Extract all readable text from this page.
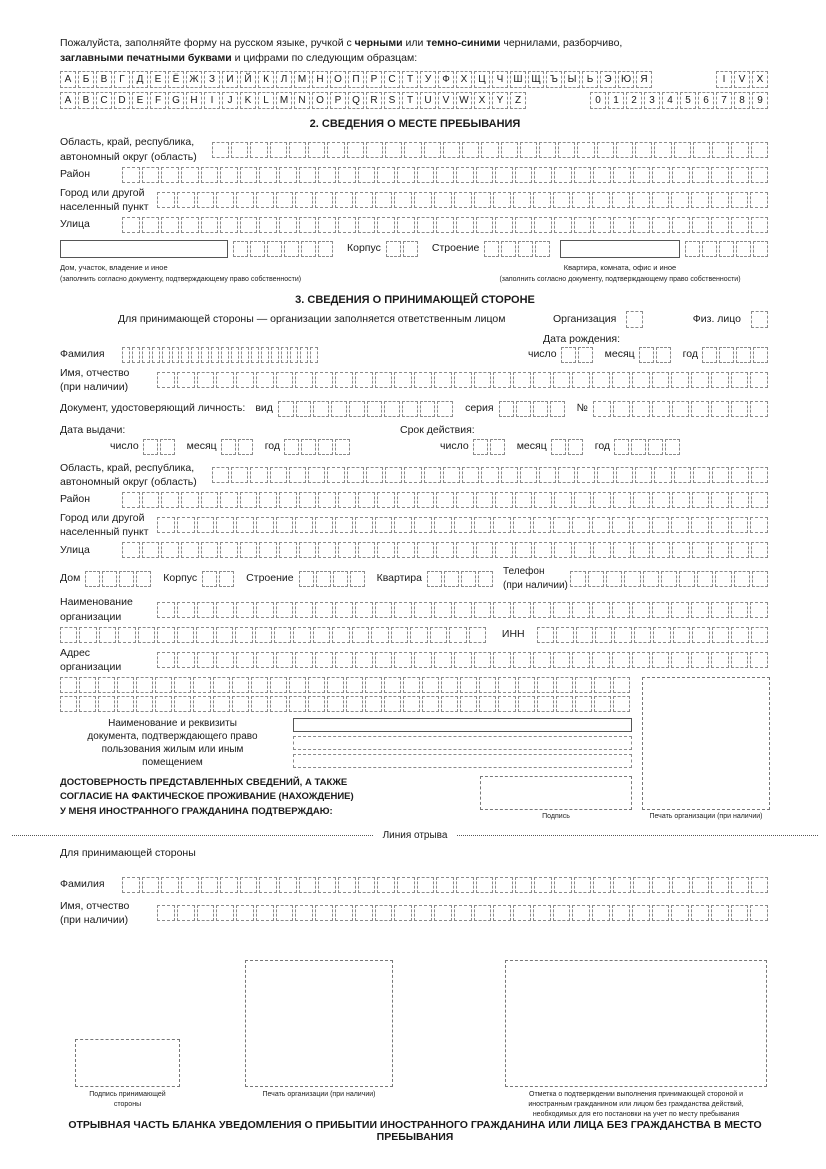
Пожалуйста, заполняйте форму на русском языке, ручкой с черными или темно-синими чернилами, разборчиво,
заглавными печатными буквами и цифрами по следующим образцам:
А	Б	В	Г	Д	Е	Ё	Ж	З	И	Й	К	Л	М	Н	О	П	Р	С	Т	У	Ф	Х	Ц	Ч	Ш Щ Ъ Ы	Ь	Э Ю Я	I	V	X
A	B	C	D	E	F	G	H	I	J	K	L	M	N	O	P	Q	R	S	T	U	V W X	Y	Z	0	1	2	3	4	5	6	7	8	9
2. СВЕДЕНИЯ О МЕСТЕ ПРЕБЫВАНИЯ
Область, край, республика,
автономный округ (область)
Район
Город или другой
населенный пункт
Улица
Корпус	Строение
Дом, участок, владение и иное
(заполнить согласно документу, подтверждающему право собственности)
Квартира, комната, офис и иное
(заполнить согласно документу, подтверждающему право собственности)
3. СВЕДЕНИЯ О ПРИНИМАЮЩЕЙ СТОРОНЕ
Для принимающей стороны — организации заполняется ответственным лицом	Организация	Физ. лицо
Дата рождения:
Фамилия	число	месяц	год
Имя, отчество
(при наличии)
Документ, удостоверяющий личность: вид	серия	№
Дата выдачи:	Срок действия:
число	месяц	год	число	месяц	год
Область, край, республика,
автономный округ (область)
Район
Город или другой
населенный пункт
Улица
Дом	Корпус	Строение	Квартира
Телефон
(при наличии)
Наименование
организации
ИНН
Адрес
организации
Наименование и реквизиты
документа, подтверждающего право
пользования жилым или иным
помещением
ДОСТОВЕРНОСТЬ ПРЕДСТАВЛЕННЫХ СВЕДЕНИЙ, А ТАКЖЕ
СОГЛАСИЕ НА ФАКТИЧЕСКОЕ ПРОЖИВАНИЕ (НАХОЖДЕНИЕ)
У МЕНЯ ИНОСТРАННОГО ГРАЖДАНИНА ПОДТВЕРЖДАЮ:	Подпись	Печать организации (при наличии)
Линия отрыва
Для принимающей стороны
Фамилия
Имя, отчество
(при наличии)
Подпись принимающей стороны
Печать организации (при наличии)	Отметка о подтверждении выполнения принимающей стороной и
иностранным гражданином или лицом без гражданства действий,
необходимых для его постановки на учет по месту пребывания
ОТРЫВНАЯ ЧАСТЬ БЛАНКА УВЕДОМЛЕНИЯ О ПРИБЫТИИ ИНОСТРАННОГО ГРАЖДАНИНА ИЛИ ЛИЦА БЕЗ ГРАЖДАНСТВА В МЕСТО ПРЕБЫВАНИЯ
